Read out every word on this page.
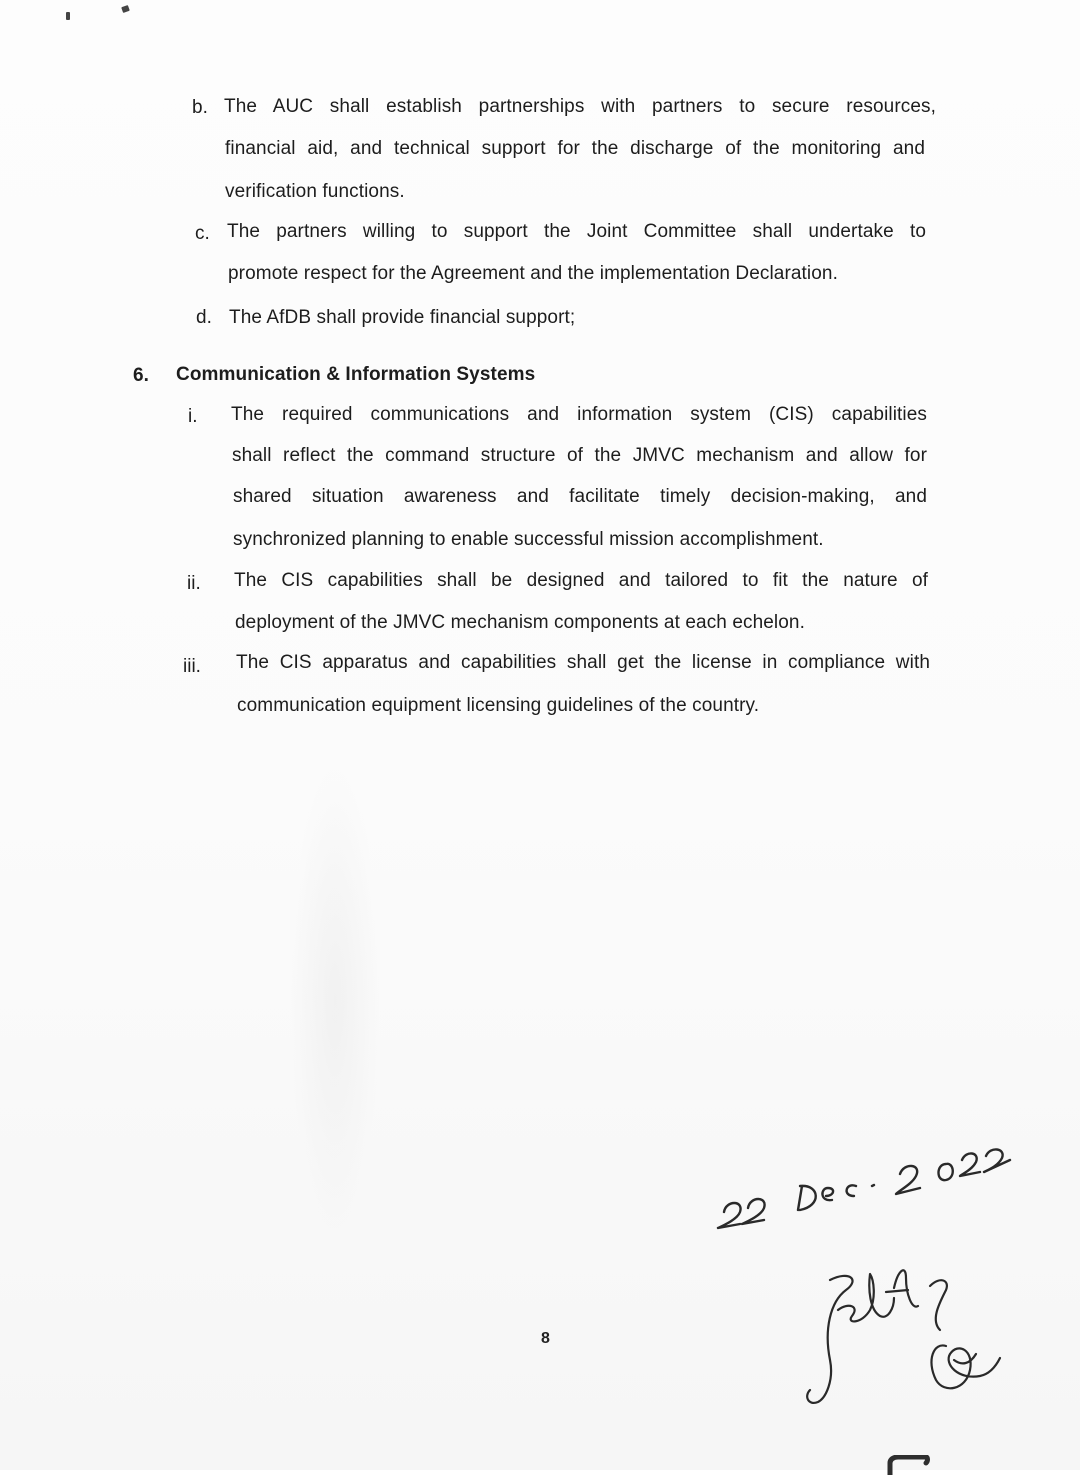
b. The AUC shall establish partnerships with partners to secure resources,
financial aid, and technical support for the discharge of the monitoring and
verification functions.
c. The partners willing to support the Joint Committee shall undertake to
promote respect for the Agreement and the implementation Declaration.
d. The AfDB shall provide financial support;
6. Communication & Information Systems
i. The required communications and information system (CIS) capabilities
shall reflect the command structure of the JMVC mechanism and allow for
shared situation awareness and facilitate timely decision-making, and
synchronized planning to enable successful mission accomplishment.
ii. The CIS capabilities shall be designed and tailored to fit the nature of
deployment of the JMVC mechanism components at each echelon.
iii. The CIS apparatus and capabilities shall get the license in compliance with
communication equipment licensing guidelines of the country.
8
